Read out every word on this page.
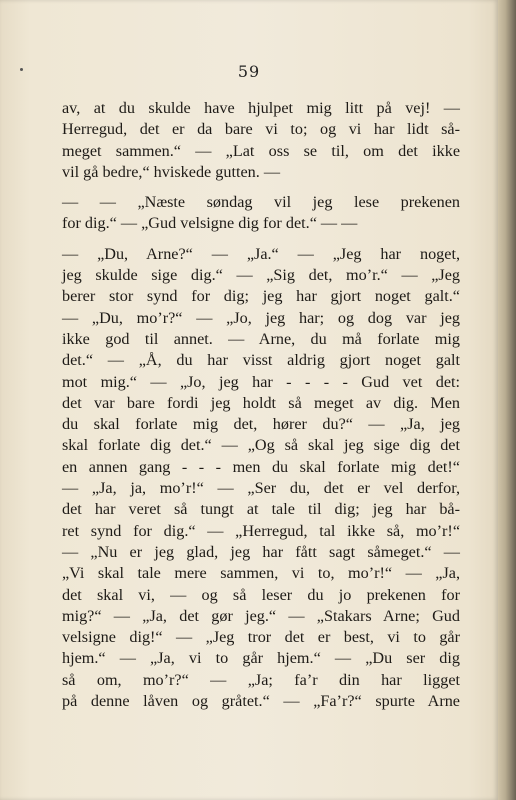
59
av, at du skulde have hjulpet mig litt på vej! —
Herregud, det er da bare vi to; og vi har lidt så-
meget sammen.“ — „Lat oss se til, om det ikke
vil gå bedre,“ hviskede gutten. —
— — „Næste søndag vil jeg lese prekenen
for dig.“ — „Gud velsigne dig for det.“ — —
— „Du, Arne?“ — „Ja.“ — „Jeg har noget,
jeg skulde sige dig.“ — „Sig det, mo’r.“ — „Jeg
berer stor synd for dig; jeg har gjort noget galt.“
— „Du, mo’r?“ — „Jo, jeg har; og dog var jeg
ikke god til annet. — Arne, du må forlate mig
det.“ — „Å, du har visst aldrig gjort noget galt
mot mig.“ — „Jo, jeg har - - - - Gud vet det:
det var bare fordi jeg holdt så meget av dig. Men
du skal forlate mig det, hører du?“ — „Ja, jeg
skal forlate dig det.“ — „Og så skal jeg sige dig det
en annen gang - - - men du skal forlate mig det!“
— „Ja, ja, mo’r!“ — „Ser du, det er vel derfor,
det har veret så tungt at tale til dig; jeg har bå-
ret synd for dig.“ — „Herregud, tal ikke så, mo’r!“
— „Nu er jeg glad, jeg har fått sagt såmeget.“ —
„Vi skal tale mere sammen, vi to, mo’r!“ — „Ja,
det skal vi, — og så leser du jo prekenen for
mig?“ — „Ja, det gør jeg.“ — „Stakars Arne; Gud
velsigne dig!“ — „Jeg tror det er best, vi to går
hjem.“ — „Ja, vi to går hjem.“ — „Du ser dig
så om, mo’r?“ — „Ja; fa’r din har ligget
på denne låven og gråtet.“ — „Fa’r?“ spurte Arne
